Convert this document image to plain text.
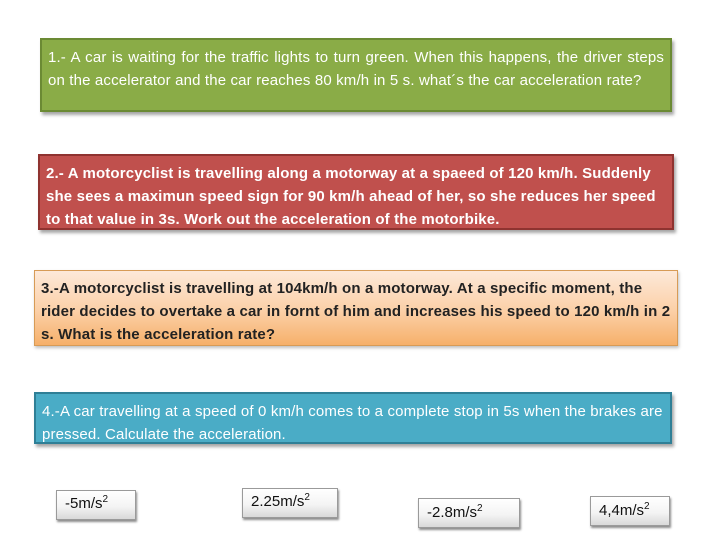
1.- A car is waiting for the traffic lights to turn green. When this happens, the driver steps on the accelerator and the car reaches 80 km/h in 5 s. what´s the car acceleration rate?
2.- A motorcyclist is travelling along a motorway at a spaeed of 120 km/h. Suddenly she sees a maximun speed sign for 90 km/h ahead of her, so she reduces her speed to that value in 3s. Work out the acceleration of the motorbike.
3.-A motorcyclist is travelling at 104km/h on a motorway. At a specific moment, the rider decides to overtake a car in fornt of him and increases his speed to 120 km/h in 2 s. What is the acceleration rate?
4.-A car travelling at a speed of 0 km/h comes to a complete stop in 5s when the brakes are pressed. Calculate the acceleration.
$-5m/s^2$	$2.25m/s^2$
$-2.8m/s^2$	$4,4m/s^2$
